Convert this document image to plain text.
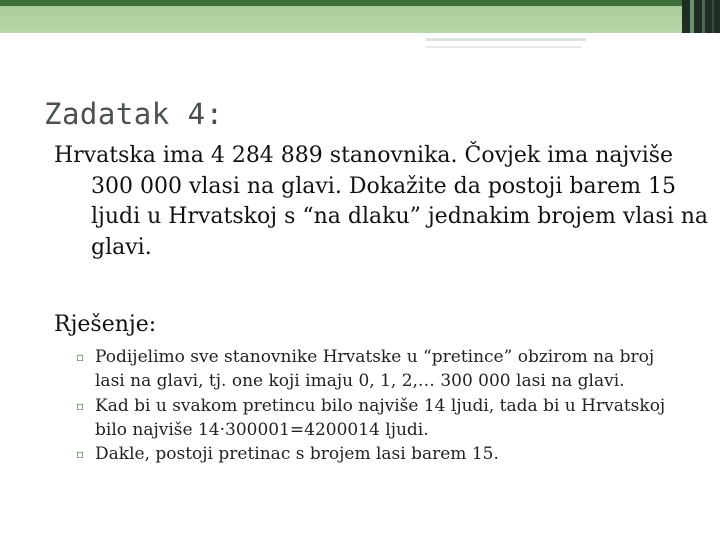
Zadatak 4:
Hrvatska ima 4 284 889 stanovnika. Čovjek ima najviše 300 000 vlasi na glavi. Dokažite da postoji barem 15 ljudi u Hrvatskoj s “na dlaku” jednakim brojem vlasi na glavi.
Rješenje:
▫ Podijelimo sve stanovnike Hrvatske u “pretince” obzirom na broj lasi na glavi, tj. one koji imaju 0, 1, 2,… 300 000 lasi na glavi.
▫ Kad bi u svakom pretincu bilo najviše 14 ljudi, tada bi u Hrvatskoj bilo najviše 14·300001=4200014 ljudi.
▫ Dakle, postoji pretinac s brojem lasi barem 15.
